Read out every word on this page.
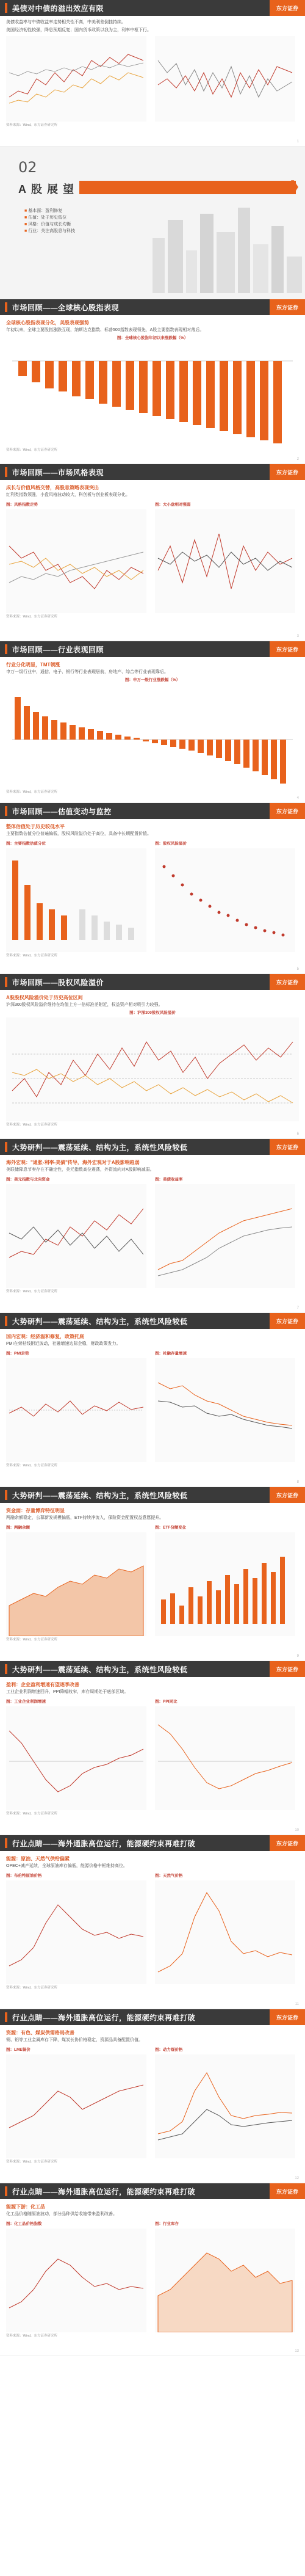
美债对中债的溢出效应有限	东方证券
美债收益率与中债收益率走势相关性不高，中美利差倒挂持续。
美国经济韧性较强，降息预期反复；国内货币政策以我为主，利率中枢下行。
资料来源：Wind，东方证券研究所
1
02
A股展望	❯
■ 基本面：盈利修复
■ 估值：处于历史低位
■ 风格：价值与成长均衡
■ 行业：关注高股息与科技
市场回顾——全球核心股指表现	东方证券
全球核心股指表现分化，美股表现强势
年初以来，全球主要股指涨跌互现，纳斯达克指数、标普500指数表现领先，A股主要指数表现相对落后。
图：全球核心股指年初以来涨跌幅（%）
资料来源：Wind，东方证券研究所
2
市场回顾——市场风格表现	东方证券
成长与价值风格交替，高股息策略表现突出
红利类指数领涨，小盘风格波动较大，科创板与创业板表现分化。
图：风格指数走势	图：大小盘相对强弱
资料来源：Wind，东方证券研究所
3
市场回顾——行业表现回顾	东方证券
行业分化明显，TMT领涨
申万一级行业中，通信、电子、银行等行业表现居前，房地产、综合等行业表现靠后。
图：申万一级行业涨跌幅（%）
资料来源：Wind，东方证券研究所
4
市场回顾——估值变动与监控	东方证券
整体估值处于历史较低水平
主要指数估值分位普遍偏低，股权风险溢价处于高位，具备中长期配置价值。
图：主要指数估值分位	图：股权风险溢价
资料来源：Wind，东方证券研究所
5
市场回顾——股权风险溢价	东方证券
A股股权风险溢价处于历史高位区间
沪深300股权风险溢价维持在均值上方一倍标准差附近，权益资产相对吸引力较强。
图：沪深300股权风险溢价
资料来源：Wind，东方证券研究所
6
大势研判——震荡延续、结构为主，系统性风险较低	东方证券
海外宏观："通胀-利率-美债"传导，海外宏观对于A股影响趋弱
美联储降息节奏存在不确定性，美元指数高位震荡，外资流向对A股影响减弱。
图：美元指数与北向资金	图：美债收益率
资料来源：Wind，东方证券研究所
7
大势研判——震荡延续、结构为主，系统性风险较低	东方证券
国内宏观：经济温和修复，政策托底
PMI在荣枯线附近波动，社融增速边际企稳，财政政策发力。
图：PMI走势	图：社融存量增速
资料来源：Wind，东方证券研究所
8
大势研判——震荡延续、结构为主，系统性风险较低	东方证券
资金面：存量博弈特征明显
两融余额稳定，公募新发规模偏低，ETF持续净流入，保险资金配置权益意愿提升。
图：两融余额	图：ETF份额变化
资料来源：Wind，东方证券研究所
9
大势研判——震荡延续、结构为主，系统性风险较低	东方证券
盈利：企业盈利增速有望逐季改善
工业企业利润增速回升，PPI降幅收窄，库存周期处于底部区域。
图：工业企业利润增速	图：PPI同比
资料来源：Wind，东方证券研究所
10
行业点睛——海外通胀高位运行，能源硬约束再难打破	东方证券
能源：原油、天然气供给偏紧
OPEC+减产延续，全球原油库存偏低，能源价格中枢维持高位。
图：布伦特原油价格	图：天然气价格
资料来源：Wind，东方证券研究所
11
行业点睛——海外通胀高位运行，能源硬约束再难打破	东方证券
资源：有色、煤炭供需格局改善
铜、铝等工业金属库存下降，煤炭长协价格稳定，资源品具备配置价值。
图：LME铜价	图：动力煤价格
资料来源：Wind，东方证券研究所
12
行业点睛——海外通胀高位运行，能源硬约束再难打破	东方证券
能源下游：化工品
化工品价格随原油波动，部分品种供给收缩带来盈利改善。
图：化工品价格指数	图：行业库存
资料来源：Wind，东方证券研究所
13
